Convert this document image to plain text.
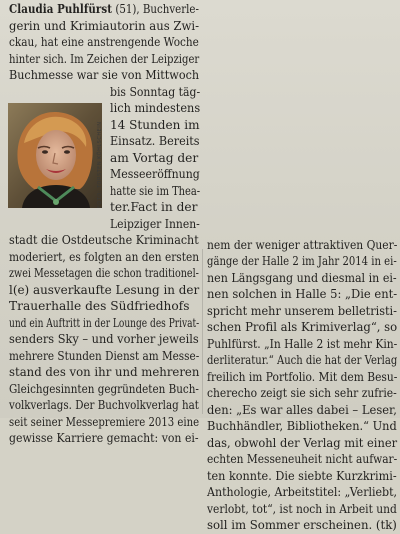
Claudia Puhlfürst (51), Buchverle-
gerin und Krimiautorin aus Zwi-
ckau, hat eine anstrengende Woche
hinter sich. Im Zeichen der Leipziger
Buchmesse war sie von Mittwoch
FOTO: TORSTEN KÖHLSCHEIN
bis Sonntag täg-
lich mindestens
14 Stunden im
Einsatz. Bereits
am Vortag der
Messeeröffnung
hatte sie im Thea-
ter.Fact in der
Leipziger Innen-
stadt die Ostdeutsche Kriminacht
moderiert, es folgten an den ersten
zwei Messetagen die schon traditionel-
l(e) ausverkaufte Lesung in der
Trauerhalle des Südfriedhofs
und ein Auftritt in der Lounge des Privat-
senders Sky – und vorher jeweils
mehrere Stunden Dienst am Messe-
stand des von ihr und mehreren
Gleichgesinnten gegründeten Buch-
volkverlags. Der Buchvolkverlag hat
seit seiner Messepremiere 2013 eine
gewisse Karriere gemacht: von ei-
nem der weniger attraktiven Quer-
gänge der Halle 2 im Jahr 2014 in ei-
nen Längsgang und diesmal in ei-
nen solchen in Halle 5: „Die ent-
spricht mehr unserem belletristi-
schen Profil als Krimiverlag“, so
Puhlfürst. „In Halle 2 ist mehr Kin-
derliteratur.“ Auch die hat der Verlag
freilich im Portfolio. Mit dem Besu-
cherecho zeigt sie sich sehr zufrie-
den: „Es war alles dabei – Leser,
Buchhändler, Bibliotheken.“ Und
das, obwohl der Verlag mit einer
echten Messeneuheit nicht aufwar-
ten konnte. Die siebte Kurzkrimi-
Anthologie, Arbeitstitel: „Verliebt,
verlobt, tot“, ist noch in Arbeit und
soll im Sommer erscheinen. (tk)
